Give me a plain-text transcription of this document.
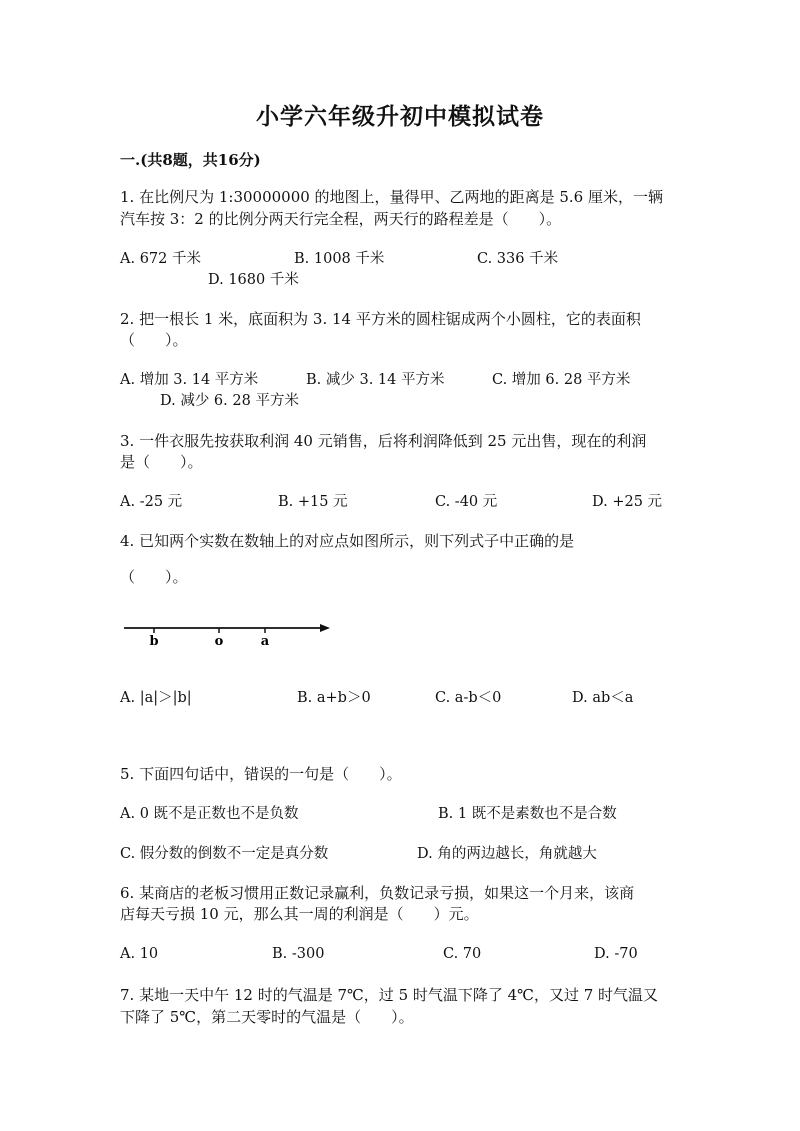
小学六年级升初中模拟试卷
一.(共8题，共16分)
1. 在比例尺为 1:30000000 的地图上，量得甲、乙两地的距离是 5.6 厘米，一辆
汽车按 3：2 的比例分两天行完全程，两天行的路程差是（　　）。
A. 672 千米	B. 1008 千米	C. 336 千米
D. 1680 千米
2. 把一根长 1 米，底面积为 3. 14 平方米的圆柱锯成两个小圆柱，它的表面积
（　　）。
A. 增加 3. 14 平方米	B. 减少 3. 14 平方米	C. 增加 6. 28 平方米
D. 减少 6. 28 平方米
3. 一件衣服先按获取利润 40 元销售，后将利润降低到 25 元出售，现在的利润
是（　　）。
A. -25 元	B. +15 元	C. -40 元	D. +25 元
4. 已知两个实数在数轴上的对应点如图所示，则下列式子中正确的是
（　　）。
b	o	a
A. |a|＞|b|	B. a+b＞0	C. a-b＜0	D. ab＜a
5. 下面四句话中，错误的一句是（　　）。
A. 0 既不是正数也不是负数	B. 1 既不是素数也不是合数
C. 假分数的倒数不一定是真分数	D. 角的两边越长，角就越大
6. 某商店的老板习惯用正数记录赢利，负数记录亏损，如果这一个月来，该商
店每天亏损 10 元，那么其一周的利润是（　　）元。
A. 10	B. -300	C. 70	D. -70
7. 某地一天中午 12 时的气温是 7℃，过 5 时气温下降了 4℃，又过 7 时气温又
下降了 5℃，第二天零时的气温是（　　）。
